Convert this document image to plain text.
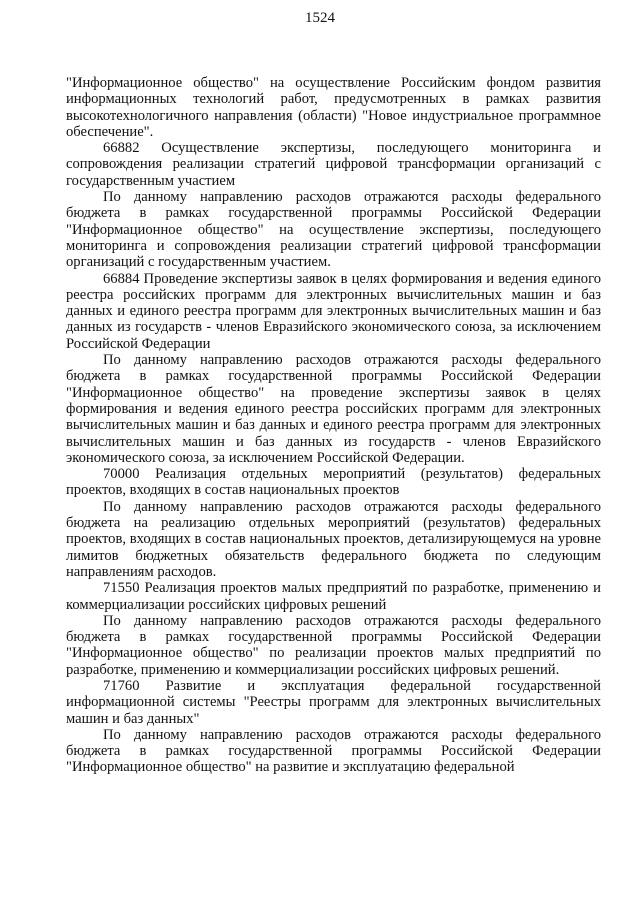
1524

"Информационное общество" на осуществление Российским фондом развития информационных технологий работ, предусмотренных в рамках развития высокотехнологичного направления (области) "Новое индустриальное программное обеспечение".

66882 Осуществление экспертизы, последующего мониторинга и сопровождения реализации стратегий цифровой трансформации организаций с государственным участием

По данному направлению расходов отражаются расходы федерального бюджета в рамках государственной программы Российской Федерации "Информационное общество" на осуществление экспертизы, последующего мониторинга и сопровождения реализации стратегий цифровой трансформации организаций с государственным участием.

66884 Проведение экспертизы заявок в целях формирования и ведения единого реестра российских программ для электронных вычислительных машин и баз данных и единого реестра программ для электронных вычислительных машин и баз данных из государств - членов Евразийского экономического союза, за исключением Российской Федерации

По данному направлению расходов отражаются расходы федерального бюджета в рамках государственной программы Российской Федерации "Информационное общество" на проведение экспертизы заявок в целях формирования и ведения единого реестра российских программ для электронных вычислительных машин и баз данных и единого реестра программ для электронных вычислительных машин и баз данных из государств - членов Евразийского экономического союза, за исключением Российской Федерации.

70000 Реализация отдельных мероприятий (результатов) федеральных проектов, входящих в состав национальных проектов

По данному направлению расходов отражаются расходы федерального бюджета на реализацию отдельных мероприятий (результатов) федеральных проектов, входящих в состав национальных проектов, детализирующемуся на уровне лимитов бюджетных обязательств федерального бюджета по следующим направлениям расходов.

71550 Реализация проектов малых предприятий по разработке, применению и коммерциализации российских цифровых решений

По данному направлению расходов отражаются расходы федерального бюджета в рамках государственной программы Российской Федерации "Информационное общество" по реализации проектов малых предприятий по разработке, применению и коммерциализации российских цифровых решений.

71760 Развитие и эксплуатация федеральной государственной информационной системы "Реестры программ для электронных вычислительных машин и баз данных"

По данному направлению расходов отражаются расходы федерального бюджета в рамках государственной программы Российской Федерации "Информационное общество" на развитие и эксплуатацию федеральной
